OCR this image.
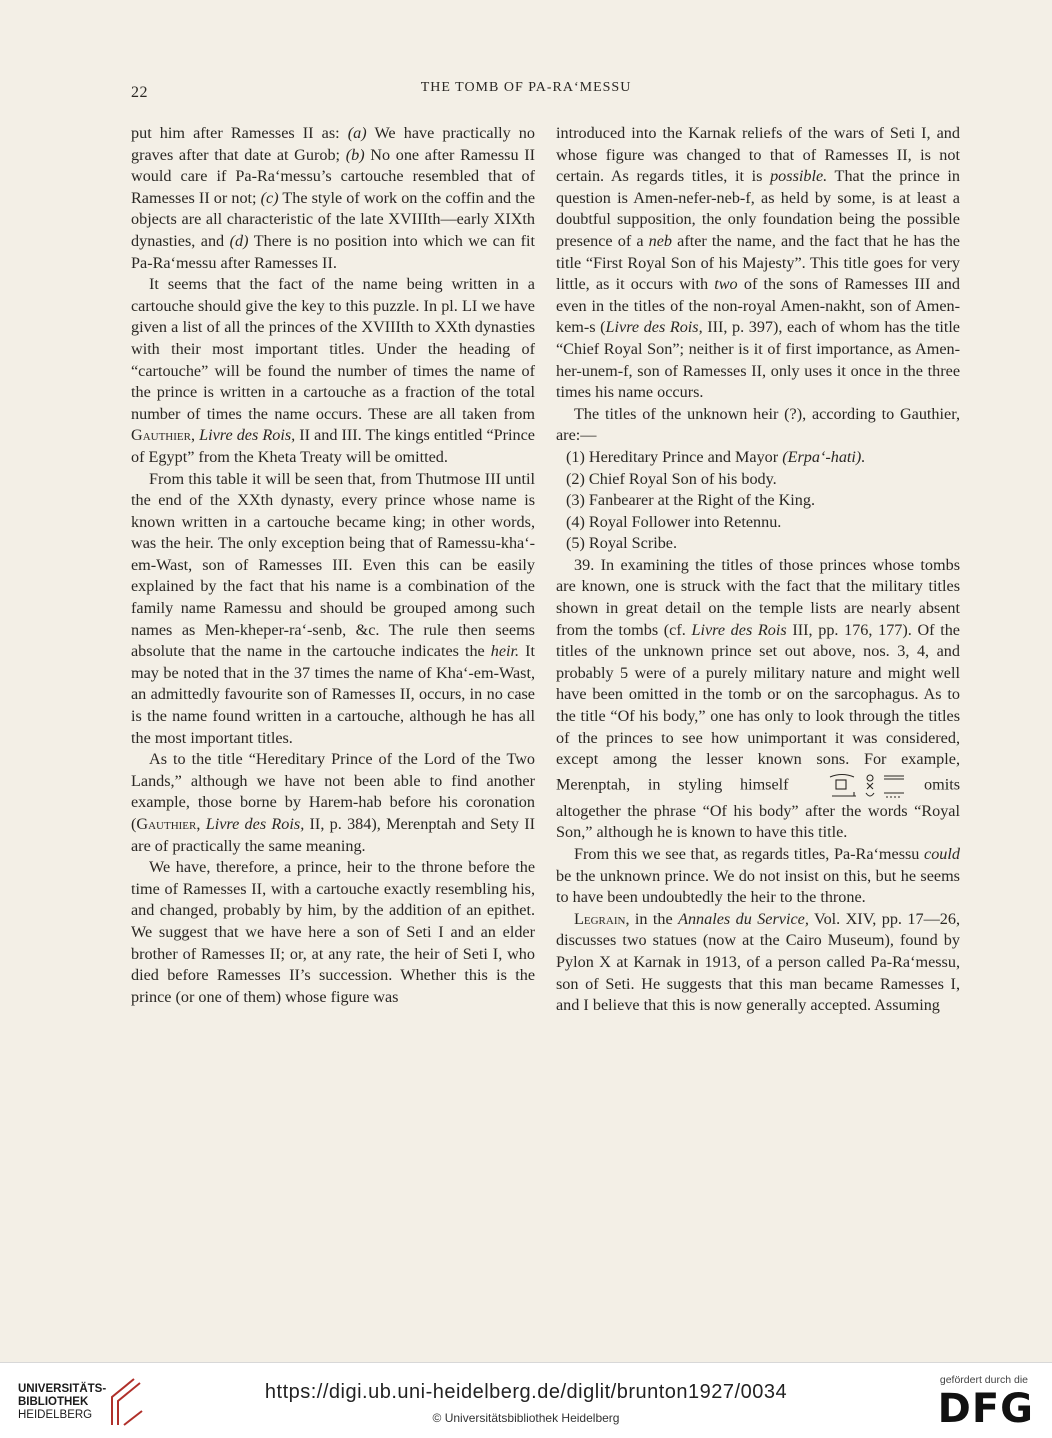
22	THE TOMB OF PA-RA‘MESSU

put him after Ramesses II as: (a) We have practically no graves after that date at Gurob; (b) No one after Ramessu II would care if Pa-Ra‘messu’s cartouche resembled that of Ramesses II or not; (c) The style of work on the coffin and the objects are all characteristic of the late XVIIIth—early XIXth dynasties, and (d) There is no position into which we can fit Pa-Ra‘messu after Ramesses II.

It seems that the fact of the name being written in a cartouche should give the key to this puzzle. In pl. LI we have given a list of all the princes of the XVIIIth to XXth dynasties with their most important titles. Under the heading of “cartouche” will be found the number of times the name of the prince is written in a cartouche as a fraction of the total number of times the name occurs. These are all taken from Gauthier, Livre des Rois, II and III. The kings entitled “Prince of Egypt” from the Kheta Treaty will be omitted.

From this table it will be seen that, from Thutmose III until the end of the XXth dynasty, every prince whose name is known written in a cartouche became king; in other words, was the heir. The only exception being that of Ramessu-kha‘-em-Wast, son of Ramesses III. Even this can be easily explained by the fact that his name is a combination of the family name Ramessu and should be grouped among such names as Men-kheper-ra‘-senb, &c. The rule then seems absolute that the name in the cartouche indicates the heir. It may be noted that in the 37 times the name of Kha‘-em-Wast, an admittedly favourite son of Ramesses II, occurs, in no case is the name found written in a cartouche, although he has all the most important titles.

As to the title “Hereditary Prince of the Lord of the Two Lands,” although we have not been able to find another example, those borne by Harem-hab before his coronation (Gauthier, Livre des Rois, II, p. 384), Merenptah and Sety II are of practically the same meaning.

We have, therefore, a prince, heir to the throne before the time of Ramesses II, with a cartouche exactly resembling his, and changed, probably by him, by the addition of an epithet. We suggest that we have here a son of Seti I and an elder brother of Ramesses II; or, at any rate, the heir of Seti I, who died before Ramesses II’s succession. Whether this is the prince (or one of them) whose figure was

introduced into the Karnak reliefs of the wars of Seti I, and whose figure was changed to that of Ramesses II, is not certain. As regards titles, it is possible. That the prince in question is Amen-nefer-neb-f, as held by some, is at least a doubtful supposition, the only foundation being the possible presence of a neb after the name, and the fact that he has the title “First Royal Son of his Majesty”. This title goes for very little, as it occurs with two of the sons of Ramesses III and even in the titles of the non-royal Amen-nakht, son of Amen-kem-s (Livre des Rois, III, p. 397), each of whom has the title “Chief Royal Son”; neither is it of first importance, as Amen-her-unem-f, son of Ramesses II, only uses it once in the three times his name occurs.

The titles of the unknown heir (?), according to Gauthier, are:—

(1) Hereditary Prince and Mayor (Erpa‘-hati).

(2) Chief Royal Son of his body.

(3) Fanbearer at the Right of the King.

(4) Royal Follower into Retennu.

(5) Royal Scribe.

39. In examining the titles of those princes whose tombs are known, one is struck with the fact that the military titles shown in great detail on the temple lists are nearly absent from the tombs (cf. Livre des Rois III, pp. 176, 177). Of the titles of the unknown prince set out above, nos. 3, 4, and probably 5 were of a purely military nature and might well have been omitted in the tomb or on the sarcophagus. As to the title “Of his body,” one has only to look through the titles of the princes to see how unimportant it was considered, except among the lesser known sons. For example, Merenptah, in styling himself	omits altogether the phrase “Of his body” after the words “Royal Son,” although he is known to have this title.

From this we see that, as regards titles, Pa-Ra‘messu could be the unknown prince. We do not insist on this, but he seems to have been undoubtedly the heir to the throne.

Legrain, in the Annales du Service, Vol. XIV, pp. 17—26, discusses two statues (now at the Cairo Museum), found by Pylon X at Karnak in 1913, of a person called Pa-Ra‘messu, son of Seti. He suggests that this man became Ramesses I, and I believe that this is now generally accepted. Assuming

UNIVERSITÄTS-
BIBLIOTHEK
HEIDELBERG
https://digi.ub.uni-heidelberg.de/diglit/brunton1927/0034
© Universitätsbibliothek Heidelberg
gefördert durch die
DFG
